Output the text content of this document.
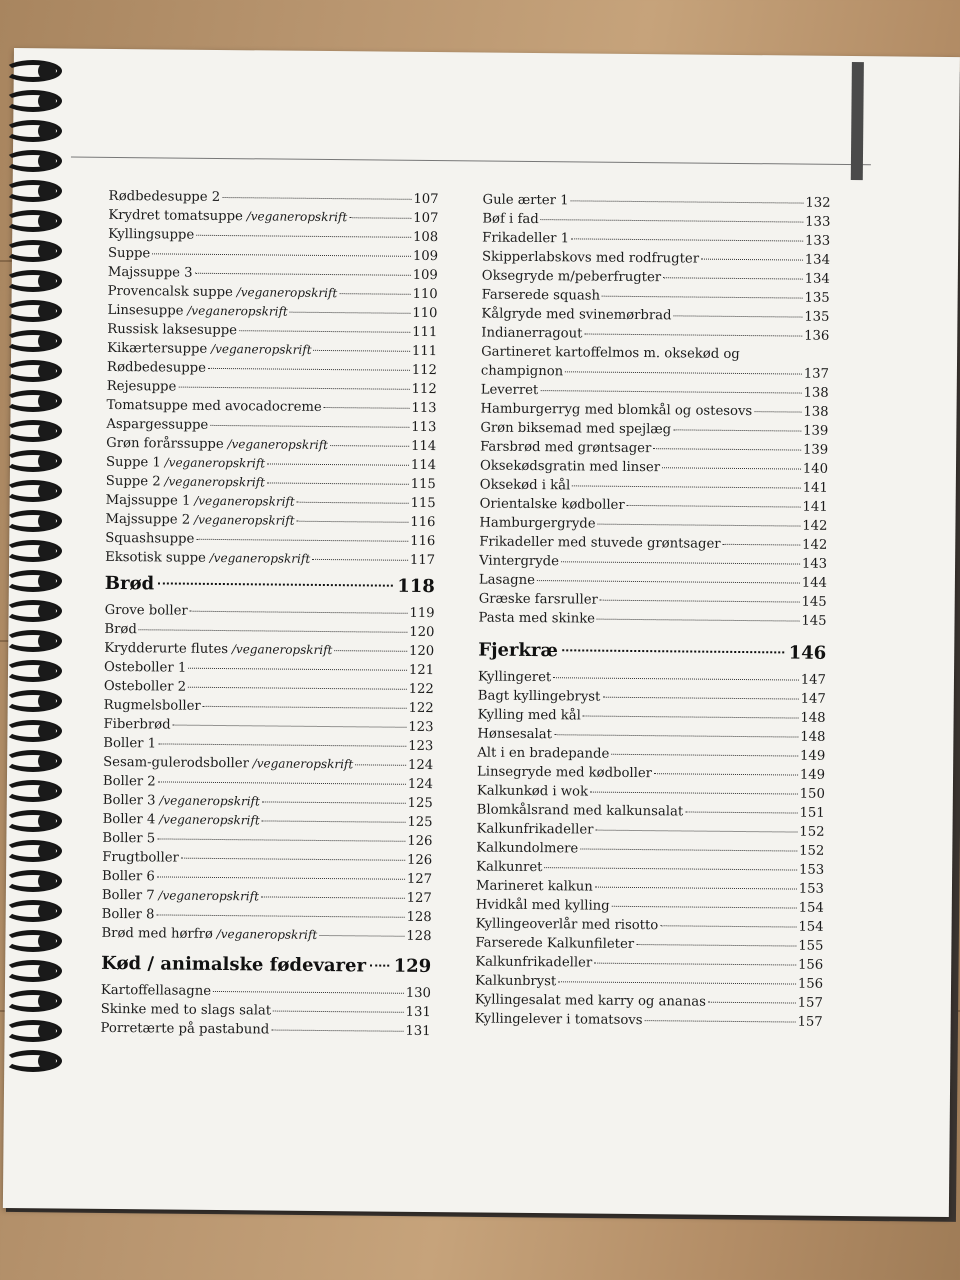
Rødbedesuppe 2	107
Krydret tomatsuppe /veganeropskrift	107
Kyllingsuppe	108
Suppe	109
Majssuppe 3	109
Provencalsk suppe /veganeropskrift	110
Linsesuppe /veganeropskrift	110
Russisk laksesuppe	111
Kikærtersuppe /veganeropskrift	111
Rødbedesuppe	112
Rejesuppe	112
Tomatsuppe med avocadocreme	113
Aspargessuppe	113
Grøn forårssuppe /veganeropskrift	114
Suppe 1 /veganeropskrift	114
Suppe 2 /veganeropskrift	115
Majssuppe 1 /veganeropskrift	115
Majssuppe 2 /veganeropskrift	116
Squashsuppe	116
Eksotisk suppe /veganeropskrift	117
Brød	118
Grove boller	119
Brød	120
Krydderurte flutes /veganeropskrift	120
Osteboller 1	121
Osteboller 2	122
Rugmelsboller	122
Fiberbrød	123
Boller 1	123
Sesam-gulerodsboller /veganeropskrift	124
Boller 2	124
Boller 3 /veganeropskrift	125
Boller 4 /veganeropskrift	125
Boller 5	126
Frugtboller	126
Boller 6	127
Boller 7 /veganeropskrift	127
Boller 8	128
Brød med hørfrø /veganeropskrift	128
Kød / animalske fødevarer 129
Kartoffellasagne	130
Skinke med to slags salat	131
Porretærte på pastabund	131
Gule ærter 1	132
Bøf i fad	133
Frikadeller 1	133
Skipperlabskovs med rodfrugter	134
Oksegryde m/peberfrugter	134
Farserede squash	135
Kålgryde med svinemørbrad	135
Indianerragout	136
Gartineret kartoffelmos m. oksekød og
champignon	137
Leverret	138
Hamburgerryg med blomkål og ostesovs	138
Grøn biksemad med spejlæg	139
Farsbrød med grøntsager	139
Oksekødsgratin med linser	140
Oksekød i kål	141
Orientalske kødboller	141
Hamburgergryde	142
Frikadeller med stuvede grøntsager	142
Vintergryde	143
Lasagne	144
Græske farsruller	145
Pasta med skinke	145
Fjerkræ	146
Kyllingeret	147
Bagt kyllingebryst	147
Kylling med kål	148
Hønsesalat	148
Alt i en bradepande	149
Linsegryde med kødboller	149
Kalkunkød i wok	150
Blomkålsrand med kalkunsalat	151
Kalkunfrikadeller	152
Kalkundolmere	152
Kalkunret	153
Marineret kalkun	153
Hvidkål med kylling	154
Kyllingeoverlår med risotto	154
Farserede Kalkunfileter	155
Kalkunfrikadeller	156
Kalkunbryst	156
Kyllingesalat med karry og ananas	157
Kyllingelever i tomatsovs	157
